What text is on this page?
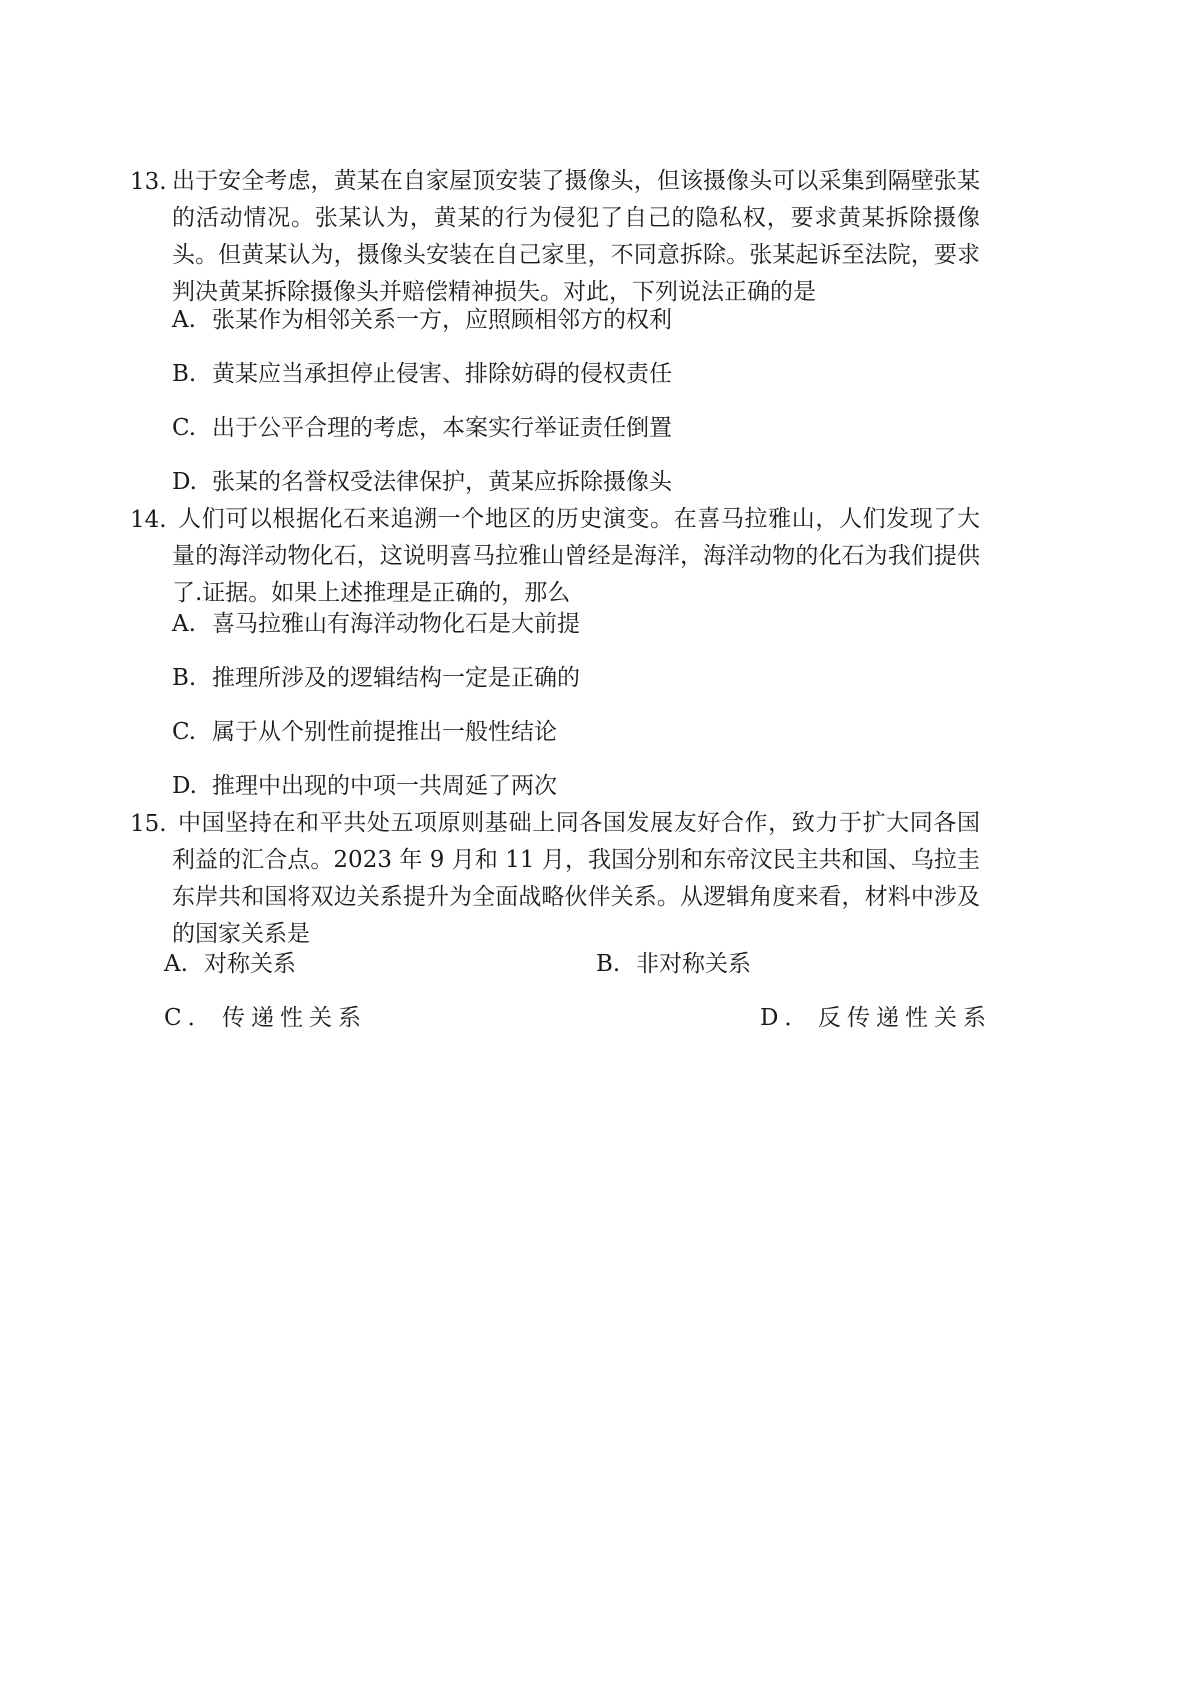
13. 出于安全考虑，黄某在自家屋顶安装了摄像头，但该摄像头可以采集到隔壁张某的活动情况。张某认为，黄某的行为侵犯了自己的隐私权，要求黄某拆除摄像头。但黄某认为，摄像头安装在自己家里，不同意拆除。张某起诉至法院，要求判决黄某拆除摄像头并赔偿精神损失。对此，下列说法正确的是
A. 张某作为相邻关系一方，应照顾相邻方的权利
B. 黄某应当承担停止侵害、排除妨碍的侵权责任
C. 出于公平合理的考虑，本案实行举证责任倒置
D. 张某的名誉权受法律保护，黄某应拆除摄像头
14. 人们可以根据化石来追溯一个地区的历史演变。在喜马拉雅山，人们发现了大量的海洋动物化石，这说明喜马拉雅山曾经是海洋，海洋动物的化石为我们提供了.证据。如果上述推理是正确的，那么
A. 喜马拉雅山有海洋动物化石是大前提
B. 推理所涉及的逻辑结构一定是正确的
C. 属于从个别性前提推出一般性结论
D. 推理中出现的中项一共周延了两次
15. 中国坚持在和平共处五项原则基础上同各国发展友好合作，致力于扩大同各国利益的汇合点。2023 年 9 月和 11 月，我国分别和东帝汶民主共和国、乌拉圭东岸共和国将双边关系提升为全面战略伙伴关系。从逻辑角度来看，材料中涉及的国家关系是
A. 对称关系	B. 非对称关系
C． 传递性关系	D． 反传递性关系
